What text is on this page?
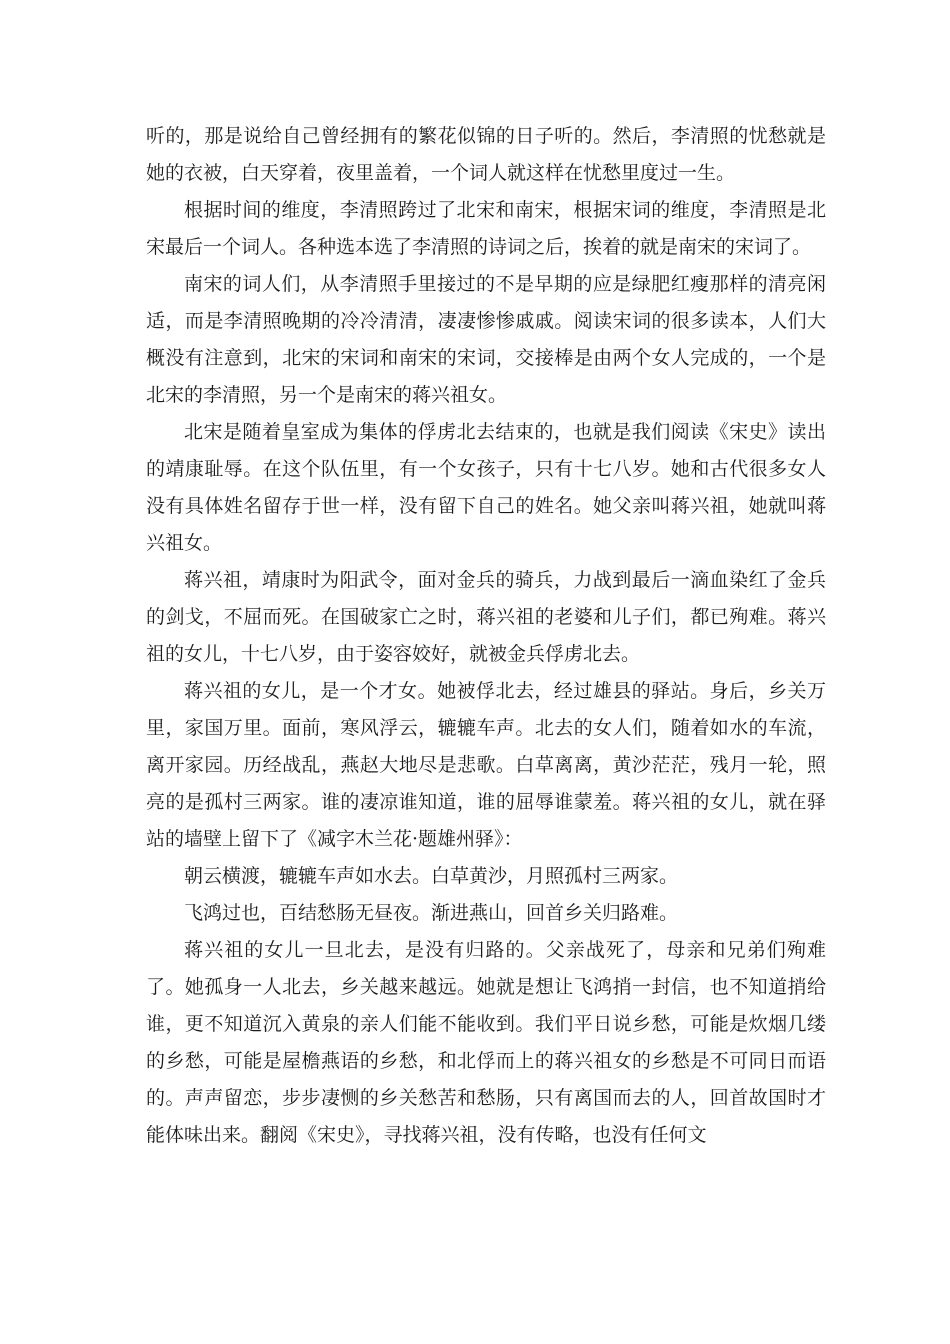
听的，那是说给自己曾经拥有的繁花似锦的日子听的。然后，李清照的忧愁就是她的衣被，白天穿着，夜里盖着，一个词人就这样在忧愁里度过一生。

根据时间的维度，李清照跨过了北宋和南宋，根据宋词的维度，李清照是北宋最后一个词人。各种选本选了李清照的诗词之后，挨着的就是南宋的宋词了。

南宋的词人们，从李清照手里接过的不是早期的应是绿肥红瘦那样的清亮闲适，而是李清照晚期的冷冷清清，凄凄惨惨戚戚。阅读宋词的很多读本，人们大概没有注意到，北宋的宋词和南宋的宋词，交接棒是由两个女人完成的，一个是北宋的李清照，另一个是南宋的蒋兴祖女。

北宋是随着皇室成为集体的俘虏北去结束的，也就是我们阅读《宋史》读出的靖康耻辱。在这个队伍里，有一个女孩子，只有十七八岁。她和古代很多女人没有具体姓名留存于世一样，没有留下自己的姓名。她父亲叫蒋兴祖，她就叫蒋兴祖女。

蒋兴祖，靖康时为阳武令，面对金兵的骑兵，力战到最后一滴血染红了金兵的剑戈，不屈而死。在国破家亡之时，蒋兴祖的老婆和儿子们，都已殉难。蒋兴祖的女儿，十七八岁，由于姿容姣好，就被金兵俘虏北去。

蒋兴祖的女儿，是一个才女。她被俘北去，经过雄县的驿站。身后，乡关万里，家国万里。面前，寒风浮云，辘辘车声。北去的女人们，随着如水的车流，离开家园。历经战乱，燕赵大地尽是悲歌。白草离离，黄沙茫茫，残月一轮，照亮的是孤村三两家。谁的凄凉谁知道，谁的屈辱谁蒙羞。蒋兴祖的女儿，就在驿站的墙壁上留下了《减字木兰花·题雄州驿》：

朝云横渡，辘辘车声如水去。白草黄沙，月照孤村三两家。

飞鸿过也，百结愁肠无昼夜。渐进燕山，回首乡关归路难。

蒋兴祖的女儿一旦北去，是没有归路的。父亲战死了，母亲和兄弟们殉难了。她孤身一人北去，乡关越来越远。她就是想让飞鸿捎一封信，也不知道捎给谁，更不知道沉入黄泉的亲人们能不能收到。我们平日说乡愁，可能是炊烟几缕的乡愁，可能是屋檐燕语的乡愁，和北俘而上的蒋兴祖女的乡愁是不可同日而语的。声声留恋，步步凄恻的乡关愁苦和愁肠，只有离国而去的人，回首故国时才能体味出来。翻阅《宋史》，寻找蒋兴祖，没有传略，也没有任何文
